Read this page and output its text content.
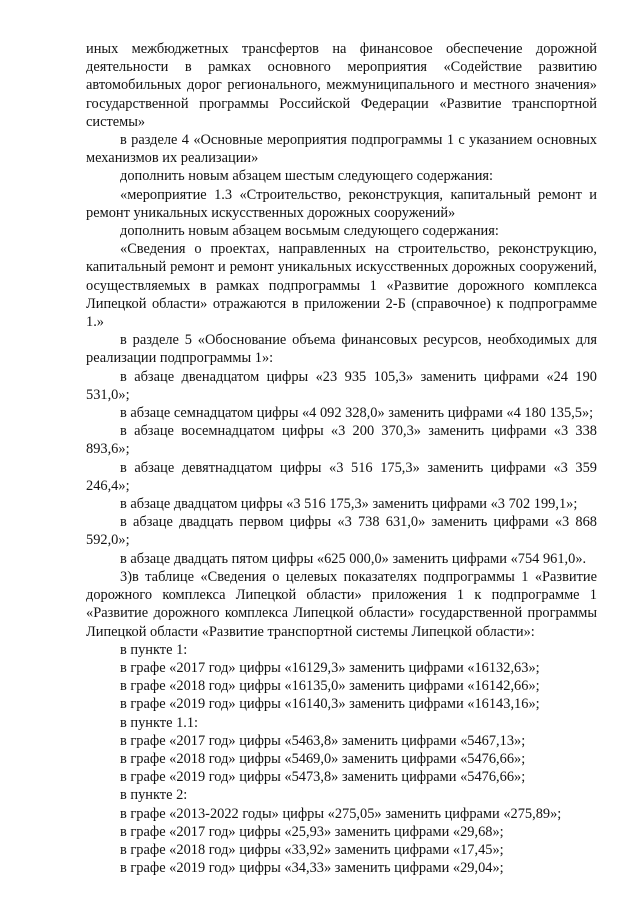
иных межбюджетных трансфертов на финансовое обеспечение дорожной деятельности в рамках основного мероприятия «Содействие развитию автомобильных дорог регионального, межмуниципального и местного значения» государственной программы Российской Федерации «Развитие транспортной системы»

в разделе 4 «Основные мероприятия подпрограммы 1 с указанием основных механизмов их реализации»

дополнить новым абзацем шестым следующего содержания:

«мероприятие 1.3 «Строительство, реконструкция, капитальный ремонт и ремонт уникальных искусственных дорожных сооружений»

дополнить новым абзацем восьмым следующего содержания:

«Сведения о проектах, направленных на строительство, реконструкцию, капитальный ремонт и ремонт уникальных искусственных дорожных сооружений, осуществляемых в рамках подпрограммы 1 «Развитие дорожного комплекса Липецкой области» отражаются в приложении 2-Б (справочное) к подпрограмме 1.»

в разделе 5 «Обоснование объема финансовых ресурсов, необходимых для реализации подпрограммы 1»:

в абзаце двенадцатом цифры «23 935 105,3» заменить цифрами «24 190 531,0»;

в абзаце семнадцатом цифры «4 092 328,0» заменить цифрами «4 180 135,5»;

в абзаце восемнадцатом цифры «3 200 370,3» заменить цифрами «3 338 893,6»;

в абзаце девятнадцатом цифры «3 516 175,3» заменить цифрами «3 359 246,4»;

в абзаце двадцатом цифры «3 516 175,3» заменить цифрами «3 702 199,1»;

в абзаце двадцать первом цифры «3 738 631,0» заменить цифрами «3 868 592,0»;

в абзаце двадцать пятом цифры «625 000,0» заменить цифрами «754 961,0».

3)в таблице «Сведения о целевых показателях подпрограммы 1 «Развитие дорожного комплекса Липецкой области» приложения 1 к подпрограмме 1 «Развитие дорожного комплекса Липецкой области» государственной программы Липецкой области «Развитие транспортной системы Липецкой области»:

в пункте 1:

в графе «2017 год» цифры «16129,3» заменить цифрами «16132,63»;

в графе «2018 год» цифры «16135,0» заменить цифрами «16142,66»;

в графе «2019 год» цифры «16140,3» заменить цифрами «16143,16»;

в пункте 1.1:

в графе «2017 год» цифры «5463,8» заменить цифрами «5467,13»;

в графе «2018 год» цифры «5469,0» заменить цифрами «5476,66»;

в графе «2019 год» цифры «5473,8» заменить цифрами «5476,66»;

в пункте 2:

в графе «2013-2022 годы» цифры «275,05» заменить цифрами «275,89»;

в графе «2017 год» цифры «25,93» заменить цифрами «29,68»;

в графе «2018 год» цифры «33,92» заменить цифрами «17,45»;

в графе «2019 год» цифры «34,33» заменить цифрами «29,04»;
